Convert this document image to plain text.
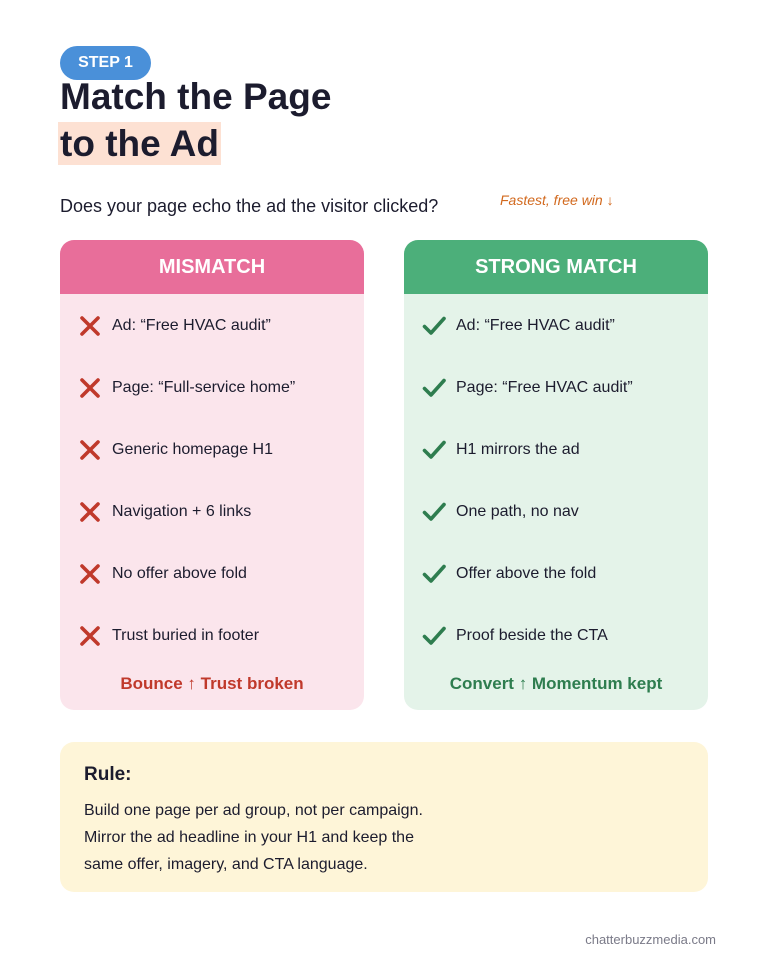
STEP 1
Match the Page
to the Ad
Does your page echo the ad the visitor clicked?	Fastest, free win ↓
MISMATCH
Ad: “Free HVAC audit”
Page: “Full-service home”
Generic homepage H1
Navigation + 6 links
No offer above fold
Trust buried in footer
Bounce ↑ Trust broken
STRONG MATCH
Ad: “Free HVAC audit”
Page: “Free HVAC audit”
H1 mirrors the ad
One path, no nav
Offer above the fold
Proof beside the CTA
Convert ↑ Momentum kept
Rule:
Build one page per ad group, not per campaign.
Mirror the ad headline in your H1 and keep the
same offer, imagery, and CTA language.
chatterbuzzmedia.com
